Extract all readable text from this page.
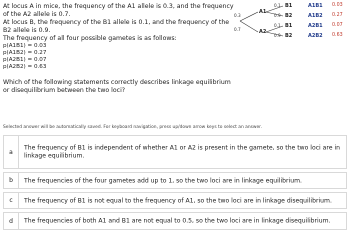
At locus A in mice, the frequency of the A1 allele is 0.3, and the frequency of the A2 allele is 0.7.

At locus B, the frequency of the B1 allele is 0.1, and the frequency of the B2 allele is 0.9.

The frequency of all four possible gametes is as follows:

p(A1B1) = 0.03
p(A1B2) = 0.27
p(A2B1) = 0.07
p(A2B2) = 0.63

Which of the following statements correctly describes linkage equilibrium or disequilibrium between the two loci?

0.3
0.7
A1
A2
0.1
0.9
0.1
0.9
B1
B2
B1
B2
A1B1
A1B2
A2B1
A2B2
0.03
0.27
0.07
0.63
Selected answer will be automatically saved. For keyboard navigation, press up/down arrow keys to select an answer.
a
The frequency of B1 is independent of whether A1 or A2 is present in the gamete, so the two loci are in linkage equilibrium.
b	The frequencies of the four gametes add up to 1, so the two loci are in linkage equilibrium.
c	The frequency of B1 is not equal to the frequency of A1, so the two loci are in linkage disequilibrium.
d	The frequencies of both A1 and B1 are not equal to 0.5, so the two loci are in linkage disequilibrium.
